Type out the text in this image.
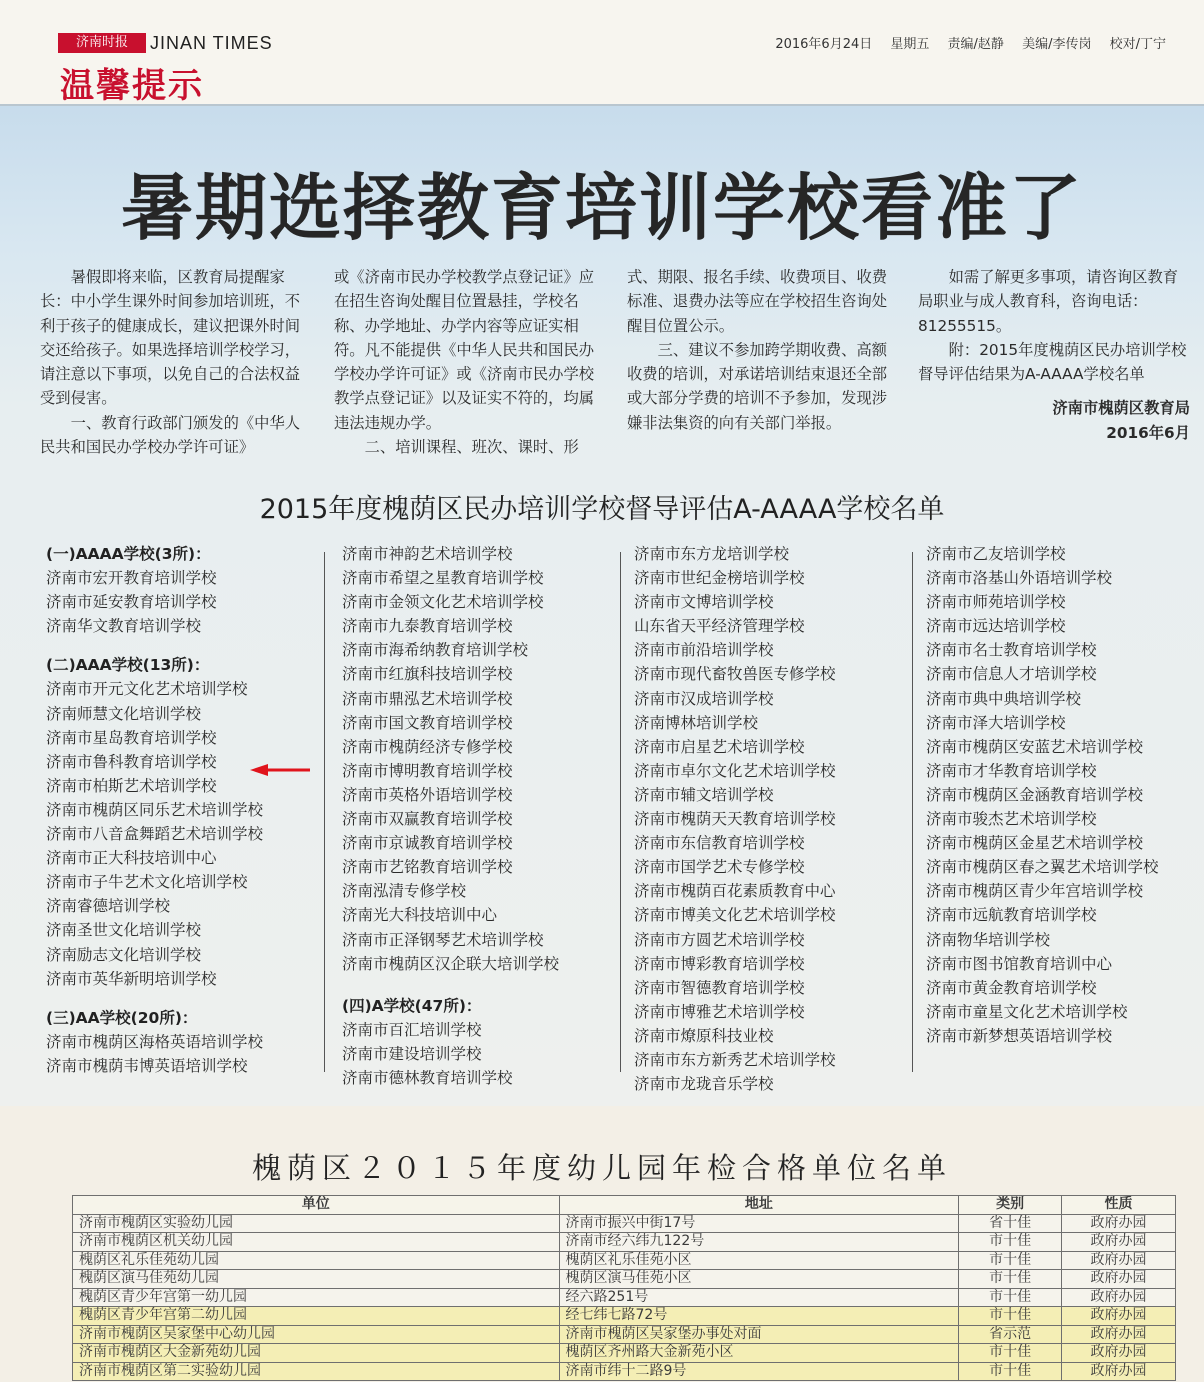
济南时报	JINAN TIMES
温馨提示
2016年6月24日 星期五 责编/赵静 美编/李传岗 校对/丁宁
暑期选择教育培训学校看准了

暑假即将来临，区教育局提醒家长：中小学生课外时间参加培训班，不利于孩子的健康成长，建议把课外时间交还给孩子。如果选择培训学校学习，请注意以下事项，以免自己的合法权益受到侵害。

一、教育行政部门颁发的《中华人民共和国民办学校办学许可证》

或《济南市民办学校教学点登记证》应在招生咨询处醒目位置悬挂，学校名称、办学地址、办学内容等应证实相符。凡不能提供《中华人民共和国民办学校办学许可证》或《济南市民办学校教学点登记证》以及证实不符的，均属违法违规办学。

二、培训课程、班次、课时、形

式、期限、报名手续、收费项目、收费标准、退费办法等应在学校招生咨询处醒目位置公示。

三、建议不参加跨学期收费、高额收费的培训，对承诺培训结束退还全部或大部分学费的培训不予参加，发现涉嫌非法集资的向有关部门举报。

如需了解更多事项，请咨询区教育局职业与成人教育科，咨询电话：81255515。

附：2015年度槐荫区民办培训学校督导评估结果为A-AAAA学校名单

济南市槐荫区教育局

2016年6月

2015年度槐荫区民办培训学校督导评估A-AAAA学校名单
(一)AAAA学校(3所)：
济南市宏开教育培训学校
济南市延安教育培训学校
济南华文教育培训学校
(二)AAA学校(13所)：
济南市开元文化艺术培训学校
济南师慧文化培训学校
济南市星岛教育培训学校
济南市鲁科教育培训学校
济南市柏斯艺术培训学校
济南市槐荫区同乐艺术培训学校
济南市八音盒舞蹈艺术培训学校
济南市正大科技培训中心
济南市子牛艺术文化培训学校
济南睿德培训学校
济南圣世文化培训学校
济南励志文化培训学校
济南市英华新明培训学校
(三)AA学校(20所)：
济南市槐荫区海格英语培训学校
济南市槐荫韦博英语培训学校
济南市神韵艺术培训学校
济南市希望之星教育培训学校
济南市金领文化艺术培训学校
济南市九泰教育培训学校
济南市海希纳教育培训学校
济南市红旗科技培训学校
济南市鼎泓艺术培训学校
济南市国文教育培训学校
济南市槐荫经济专修学校
济南市博明教育培训学校
济南市英格外语培训学校
济南市双赢教育培训学校
济南市京诚教育培训学校
济南市艺铭教育培训学校
济南泓清专修学校
济南光大科技培训中心
济南市正泽钢琴艺术培训学校
济南市槐荫区汉企联大培训学校
(四)A学校(47所)：
济南市百汇培训学校
济南市建设培训学校
济南市德林教育培训学校
济南市东方龙培训学校
济南市世纪金榜培训学校
济南市文博培训学校
山东省天平经济管理学校
济南市前沿培训学校
济南市现代畜牧兽医专修学校
济南市汉成培训学校
济南博林培训学校
济南市启星艺术培训学校
济南市卓尔文化艺术培训学校
济南市辅文培训学校
济南市槐荫天天教育培训学校
济南市东信教育培训学校
济南市国学艺术专修学校
济南市槐荫百花素质教育中心
济南市博美文化艺术培训学校
济南市方圆艺术培训学校
济南市博彩教育培训学校
济南市智德教育培训学校
济南市博雅艺术培训学校
济南市燎原科技业校
济南市东方新秀艺术培训学校
济南市龙珑音乐学校
济南市乙友培训学校
济南市洛基山外语培训学校
济南市师苑培训学校
济南市远达培训学校
济南市名士教育培训学校
济南市信息人才培训学校
济南市典中典培训学校
济南市泽大培训学校
济南市槐荫区安蓝艺术培训学校
济南市才华教育培训学校
济南市槐荫区金涵教育培训学校
济南市骏杰艺术培训学校
济南市槐荫区金星艺术培训学校
济南市槐荫区春之翼艺术培训学校
济南市槐荫区青少年宫培训学校
济南市远航教育培训学校
济南物华培训学校
济南市图书馆教育培训中心
济南市黄金教育培训学校
济南市童星文化艺术培训学校
济南市新梦想英语培训学校
槐荫区２０１５年度幼儿园年检合格单位名单
单位	地址	类别	性质
济南市槐荫区实验幼儿园	济南市振兴中街17号	省十佳	政府办园
济南市槐荫区机关幼儿园	济南市经六纬九122号	市十佳	政府办园
槐荫区礼乐佳苑幼儿园	槐荫区礼乐佳苑小区	市十佳	政府办园
槐荫区演马佳苑幼儿园	槐荫区演马佳苑小区	市十佳	政府办园
槐荫区青少年宫第一幼儿园	经六路251号	市十佳	政府办园
槐荫区青少年宫第二幼儿园	经七纬七路72号	市十佳	政府办园
济南市槐荫区吴家堡中心幼儿园	济南市槐荫区吴家堡办事处对面	省示范	政府办园
济南市槐荫区大金新苑幼儿园	槐荫区齐州路大金新苑小区	市十佳	政府办园
济南市槐荫区第二实验幼儿园	济南市纬十二路9号	市十佳	政府办园
